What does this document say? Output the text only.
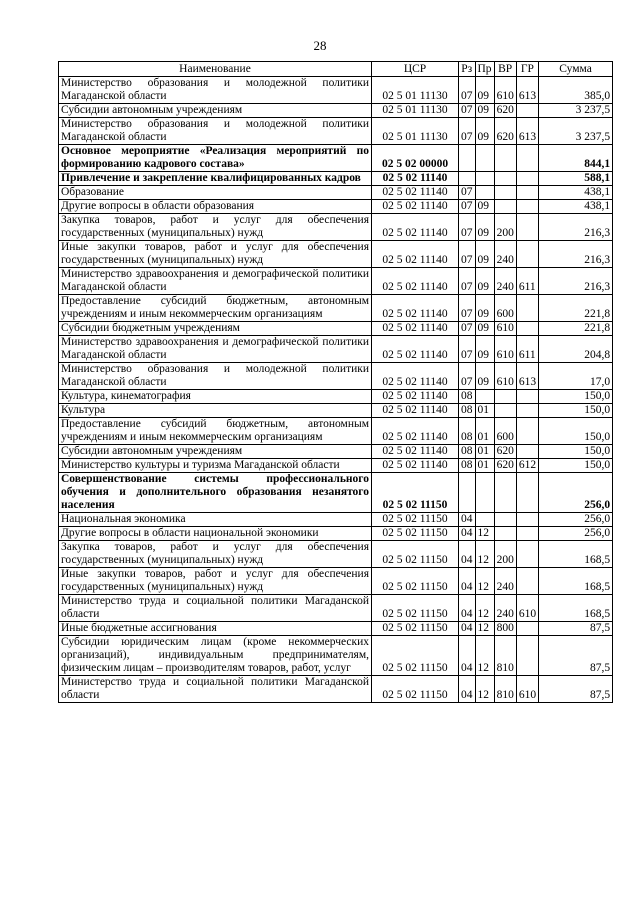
28
Наименование	ЦСР	Рз	Пр	ВР	ГР	Сумма
Министерство образования и молодежной политики Магаданской области	02 5 01 11130	07	09	610	613	385,0
Субсидии автономным учреждениям	02 5 01 11130	07	09	620		3 237,5
Министерство образования и молодежной политики Магаданской области	02 5 01 11130	07	09	620	613	3 237,5
Основное мероприятие «Реализация мероприятий по формированию кадрового состава»	02 5 02 00000					844,1
Привлечение и закрепление квалифицированных кадров	02 5 02 11140					588,1
Образование	02 5 02 11140	07				438,1
Другие вопросы в области образования	02 5 02 11140	07	09			438,1
Закупка товаров, работ и услуг для обеспечения государственных (муниципальных) нужд	02 5 02 11140	07	09	200		216,3
Иные закупки товаров, работ и услуг для обеспечения государственных (муниципальных) нужд	02 5 02 11140	07	09	240		216,3
Министерство здравоохранения и демографической политики Магаданской области	02 5 02 11140	07	09	240	611	216,3
Предоставление субсидий бюджетным, автономным учреждениям и иным некоммерческим организациям	02 5 02 11140	07	09	600		221,8
Субсидии бюджетным учреждениям	02 5 02 11140	07	09	610		221,8
Министерство здравоохранения и демографической политики Магаданской области	02 5 02 11140	07	09	610	611	204,8
Министерство образования и молодежной политики Магаданской области	02 5 02 11140	07	09	610	613	17,0
Культура, кинематография	02 5 02 11140	08				150,0
Культура	02 5 02 11140	08	01			150,0
Предоставление субсидий бюджетным, автономным учреждениям и иным некоммерческим организациям	02 5 02 11140	08	01	600		150,0
Субсидии автономным учреждениям	02 5 02 11140	08	01	620		150,0
Министерство культуры и туризма Магаданской области	02 5 02 11140	08	01	620	612	150,0
Совершенствование системы профессионального обучения и дополнительного образования незанятого населения	02 5 02 11150					256,0
Национальная экономика	02 5 02 11150	04				256,0
Другие вопросы в области национальной экономики	02 5 02 11150	04	12			256,0
Закупка товаров, работ и услуг для обеспечения государственных (муниципальных) нужд	02 5 02 11150	04	12	200		168,5
Иные закупки товаров, работ и услуг для обеспечения государственных (муниципальных) нужд	02 5 02 11150	04	12	240		168,5
Министерство труда и социальной политики Магаданской области	02 5 02 11150	04	12	240	610	168,5
Иные бюджетные ассигнования	02 5 02 11150	04	12	800		87,5
Субсидии юридическим лицам (кроме некоммерческих организаций), индивидуальным предпринимателям, физическим лицам – производителям товаров, работ, услуг	02 5 02 11150	04	12	810		87,5
Министерство труда и социальной политики Магаданской области	02 5 02 11150	04	12	810	610	87,5
